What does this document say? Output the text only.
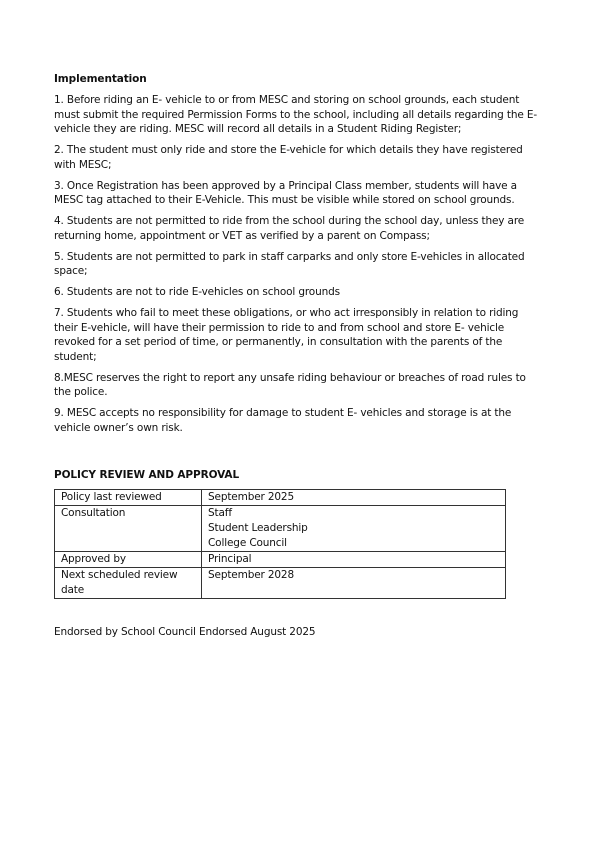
Implementation

1. Before riding an E- vehicle to or from MESC and storing on school grounds, each student must submit the required Permission Forms to the school, including all details regarding the E-vehicle they are riding. MESC will record all details in a Student Riding Register;

2. The student must only ride and store the E-vehicle for which details they have registered with MESC;

3. Once Registration has been approved by a Principal Class member, students will have a MESC tag attached to their E-Vehicle. This must be visible while stored on school grounds.

4. Students are not permitted to ride from the school during the school day, unless they are returning home, appointment or VET as verified by a parent on Compass;

5. Students are not permitted to park in staff carparks and only store E-vehicles in allocated space;

6. Students are not to ride E-vehicles on school grounds

7. Students who fail to meet these obligations, or who act irresponsibly in relation to riding their E-vehicle, will have their permission to ride to and from school and store E- vehicle revoked for a set period of time, or permanently, in consultation with the parents of the student;

8.MESC reserves the right to report any unsafe riding behaviour or breaches of road rules to the police.

9. MESC accepts no responsibility for damage to student E- vehicles and storage is at the vehicle owner’s own risk.

POLICY REVIEW AND APPROVAL
Policy last reviewed	September 2025

Consultation	Staff
Student Leadership
College Council

Approved by	Principal

Next scheduled review date	September 2028

Endorsed by School Council Endorsed August 2025
